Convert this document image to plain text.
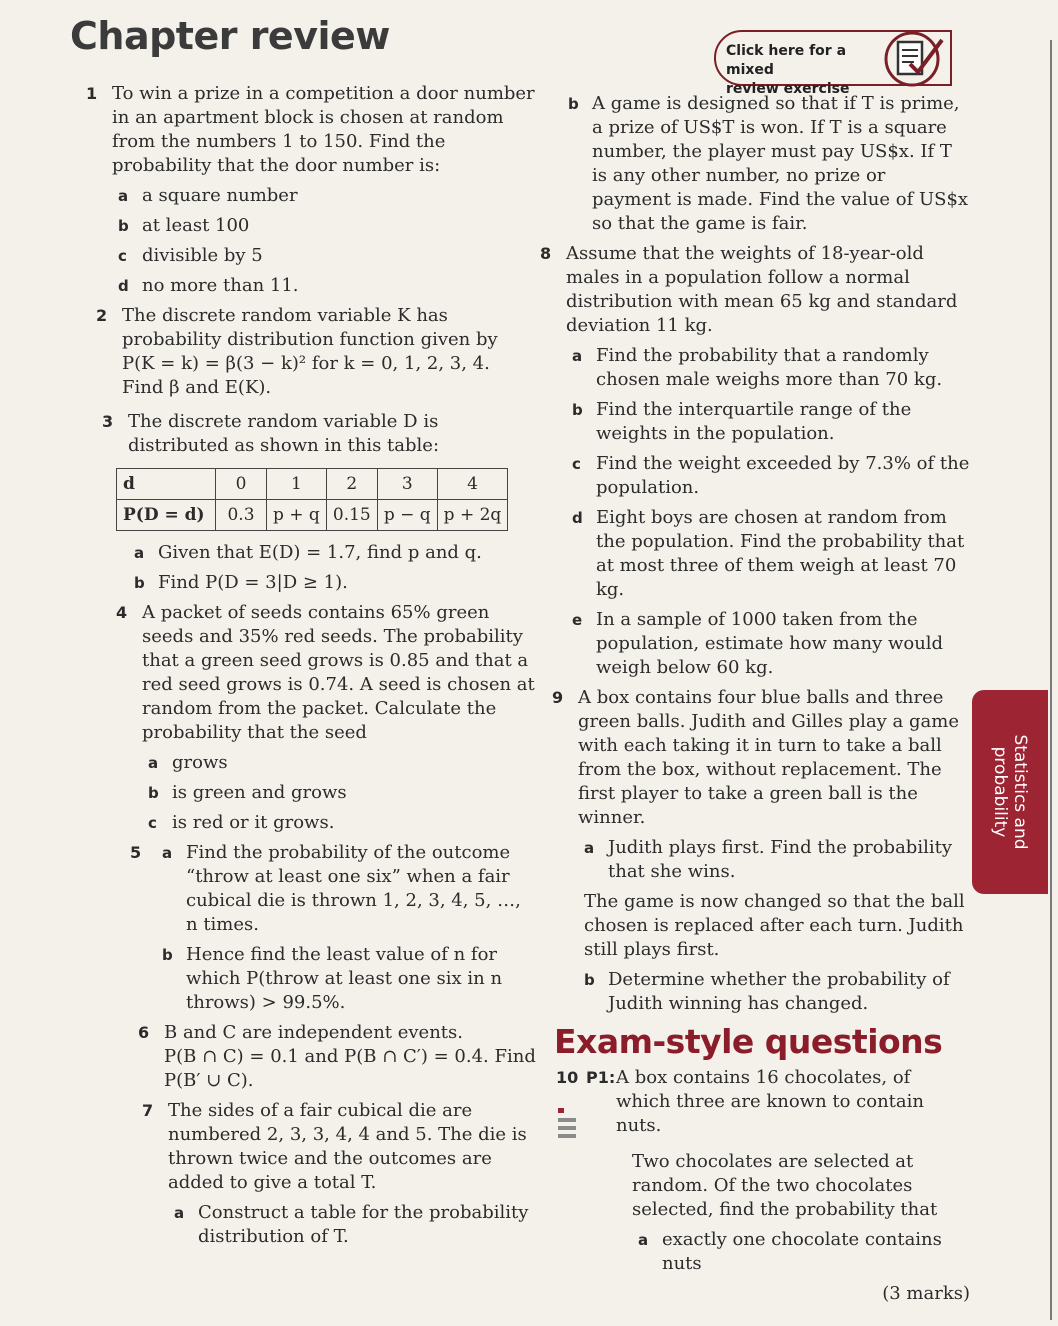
Chapter review	Click here for a mixed
review exercise
1 To win a prize in a competition a door number in an apartment block is chosen at random from the numbers 1 to 150. Find the probability that the door number is:
a a square number
b at least 100
c divisible by 5
d no more than 11.
2 The discrete random variable K has probability distribution function given by
P(K = k) = β(3 − k)² for k = 0, 1, 2, 3, 4.
Find β and E(K).
3 The discrete random variable D is distributed as shown in this table:
d	0	1	2	3	4
P(D = d)	0.3	p + q	0.15	p − q	p + 2q
a Given that E(D) = 1.7, find p and q.
b Find P(D = 3|D ≥ 1).
4 A packet of seeds contains 65% green seeds and 35% red seeds. The probability that a green seed grows is 0.85 and that a red seed grows is 0.74. A seed is chosen at random from the packet. Calculate the probability that the seed
a grows
b is green and grows
c is red or it grows.
5 a Find the probability of the outcome “throw at least one six” when a fair cubical die is thrown 1, 2, 3, 4, 5, …, n times.
b Hence find the least value of n for which P(throw at least one six in n throws) > 99.5%.
6 B and C are independent events.
P(B ∩ C) = 0.1 and P(B ∩ C′) = 0.4. Find P(B′ ∪ C).
7 The sides of a fair cubical die are numbered 2, 3, 3, 4, 4 and 5. The die is thrown twice and the outcomes are added to give a total T.
a Construct a table for the probability distribution of T.
b A game is designed so that if T is prime, a prize of US$T is won. If T is a square number, the player must pay US$x. If T is any other number, no prize or payment is made. Find the value of US$x so that the game is fair.
8 Assume that the weights of 18-year-old males in a population follow a normal distribution with mean 65 kg and standard deviation 11 kg.
a Find the probability that a randomly chosen male weighs more than 70 kg.
b Find the interquartile range of the weights in the population.
c Find the weight exceeded by 7.3% of the population.
d Eight boys are chosen at random from the population. Find the probability that at most three of them weigh at least 70 kg.
e In a sample of 1000 taken from the population, estimate how many would weigh below 60 kg.
9 A box contains four blue balls and three green balls. Judith and Gilles play a game with each taking it in turn to take a ball from the box, without replacement. The first player to take a green ball is the winner.
a Judith plays first. Find the probability that she wins.
The game is now changed so that the ball chosen is replaced after each turn. Judith still plays first.
b Determine whether the probability of Judith winning has changed.
Exam-style questions
10 P1: A box contains 16 chocolates, of which three are known to contain nuts.
Two chocolates are selected at random. Of the two chocolates selected, find the probability that
a exactly one chocolate contains nuts
(3 marks)
Statistics and probability
